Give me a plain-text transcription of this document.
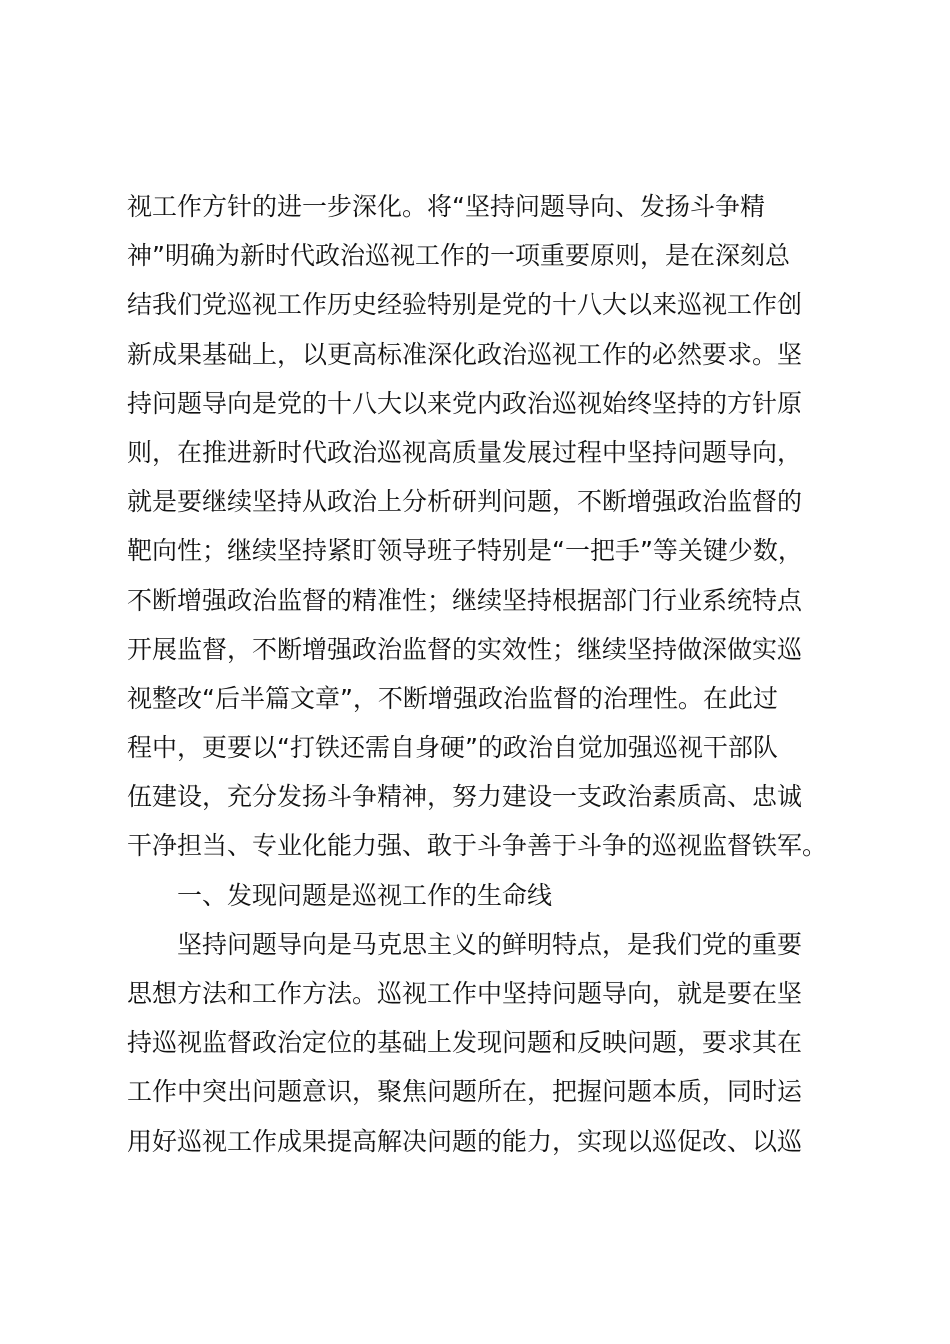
视工作方针的进一步深化。将“坚持问题导向、发扬斗争精
神”明确为新时代政治巡视工作的一项重要原则，是在深刻总
结我们党巡视工作历史经验特别是党的十八大以来巡视工作创
新成果基础上，以更高标准深化政治巡视工作的必然要求。坚
持问题导向是党的十八大以来党内政治巡视始终坚持的方针原
则，在推进新时代政治巡视高质量发展过程中坚持问题导向，
就是要继续坚持从政治上分析研判问题，不断增强政治监督的
靶向性；继续坚持紧盯领导班子特别是“一把手”等关键少数，
不断增强政治监督的精准性；继续坚持根据部门行业系统特点
开展监督，不断增强政治监督的实效性；继续坚持做深做实巡
视整改“后半篇文章”，不断增强政治监督的治理性。在此过
程中，更要以“打铁还需自身硬”的政治自觉加强巡视干部队
伍建设，充分发扬斗争精神，努力建设一支政治素质高、忠诚
干净担当、专业化能力强、敢于斗争善于斗争的巡视监督铁军。
一、发现问题是巡视工作的生命线
坚持问题导向是马克思主义的鲜明特点，是我们党的重要
思想方法和工作方法。巡视工作中坚持问题导向，就是要在坚
持巡视监督政治定位的基础上发现问题和反映问题，要求其在
工作中突出问题意识，聚焦问题所在，把握问题本质，同时运
用好巡视工作成果提高解决问题的能力，实现以巡促改、以巡
